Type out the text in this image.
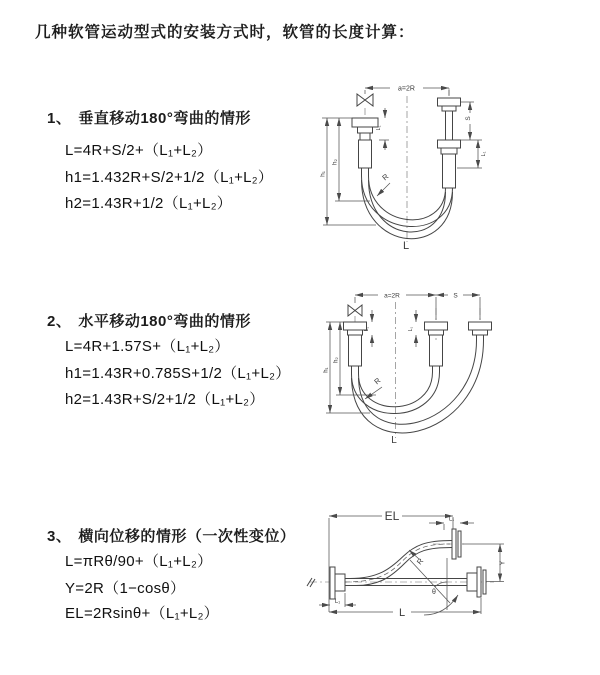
几种软管运动型式的安装方式时，软管的长度计算：
1、 垂直移动180°弯曲的情形
L=4R+S/2+（L₁+L₂）
h1=1.432R+S/2+1/2（L₁+L₂）
h2=1.43R+1/2（L₁+L₂）
a=2R
h₁
h₂
L₁
S
L₁
R
L
2、 水平移动180°弯曲的情形
L=4R+1.57S+（L₁+L₂）
h1=1.43R+0.785S+1/2（L₁+L₂）
h2=1.43R+S/2+1/2（L₁+L₂）
a=2R	S
h₁
h₂
L₁	L₁
R
L
3、 横向位移的情形（一次性变位）
L=πRθ/90+（L₁+L₂）
Y=2R（1−cosθ）
EL=2Rsinθ+（L₁+L₂）
θ
EL	L₁
Y
R
L
L₁
